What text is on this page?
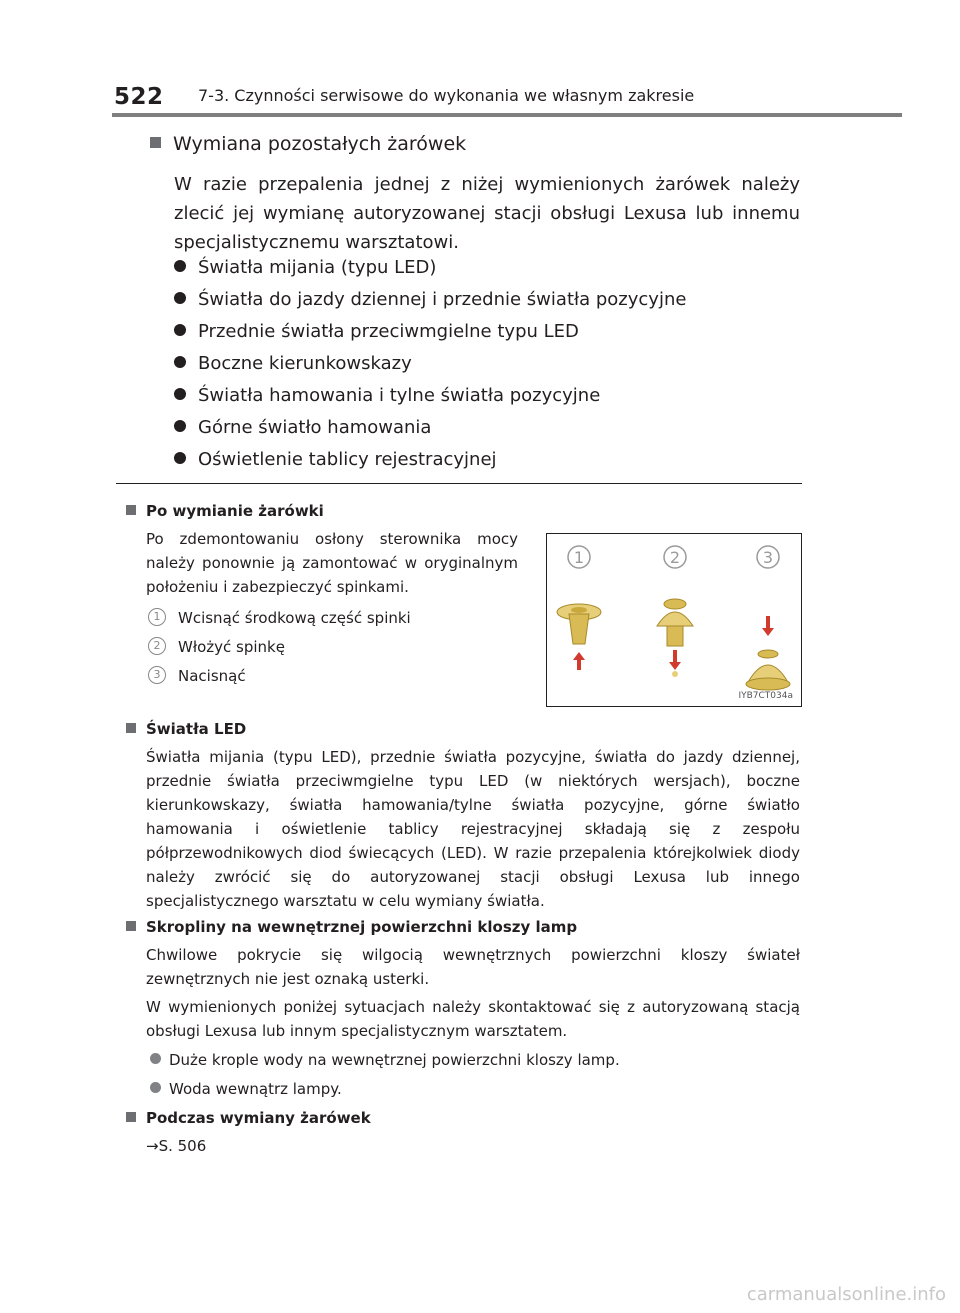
522 7-3. Czynności serwisowe do wykonania we własnym zakresie
Wymiana pozostałych żarówek
W razie przepalenia jednej z niżej wymienionych żarówek należy zlecić jej wymianę autoryzowanej stacji obsługi Lexusa lub innemu specjalistycznemu warsztatowi.
Światła mijania (typu LED)
Światła do jazdy dziennej i przednie światła pozycyjne
Przednie światła przeciwmgielne typu LED
Boczne kierunkowskazy
Światła hamowania i tylne światła pozycyjne
Górne światło hamowania
Oświetlenie tablicy rejestracyjnej
Po wymianie żarówki
Po zdemontowaniu osłony sterownika mocy należy ponownie ją zamontować w oryginalnym położeniu i zabezpieczyć spinkami.
1 Wcisnąć środkową część spinki
2 Włożyć spinkę
3 Nacisnąć
1	2	3
IYB7CT034a
Światła LED
Światła mijania (typu LED), przednie światła pozycyjne, światła do jazdy dziennej, przednie światła przeciwmgielne typu LED (w niektórych wersjach), boczne kierunkowskazy, światła hamowania/tylne światła pozycyjne, górne światło hamowania i oświetlenie tablicy rejestracyjnej składają się z zespołu półprzewodnikowych diod świecących (LED). W razie przepalenia którejkolwiek diody należy zwrócić się do autoryzowanej stacji obsługi Lexusa lub innego specjalistycznego warsztatu w celu wymiany światła.
Skropliny na wewnętrznej powierzchni kloszy lamp
Chwilowe pokrycie się wilgocią wewnętrznych powierzchni kloszy świateł zewnętrznych nie jest oznaką usterki.
W wymienionych poniżej sytuacjach należy skontaktować się z autoryzowaną stacją obsługi Lexusa lub innym specjalistycznym warsztatem.
Duże krople wody na wewnętrznej powierzchni kloszy lamp.
Woda wewnątrz lampy.
Podczas wymiany żarówek
→S. 506
carmanualsonline.info
